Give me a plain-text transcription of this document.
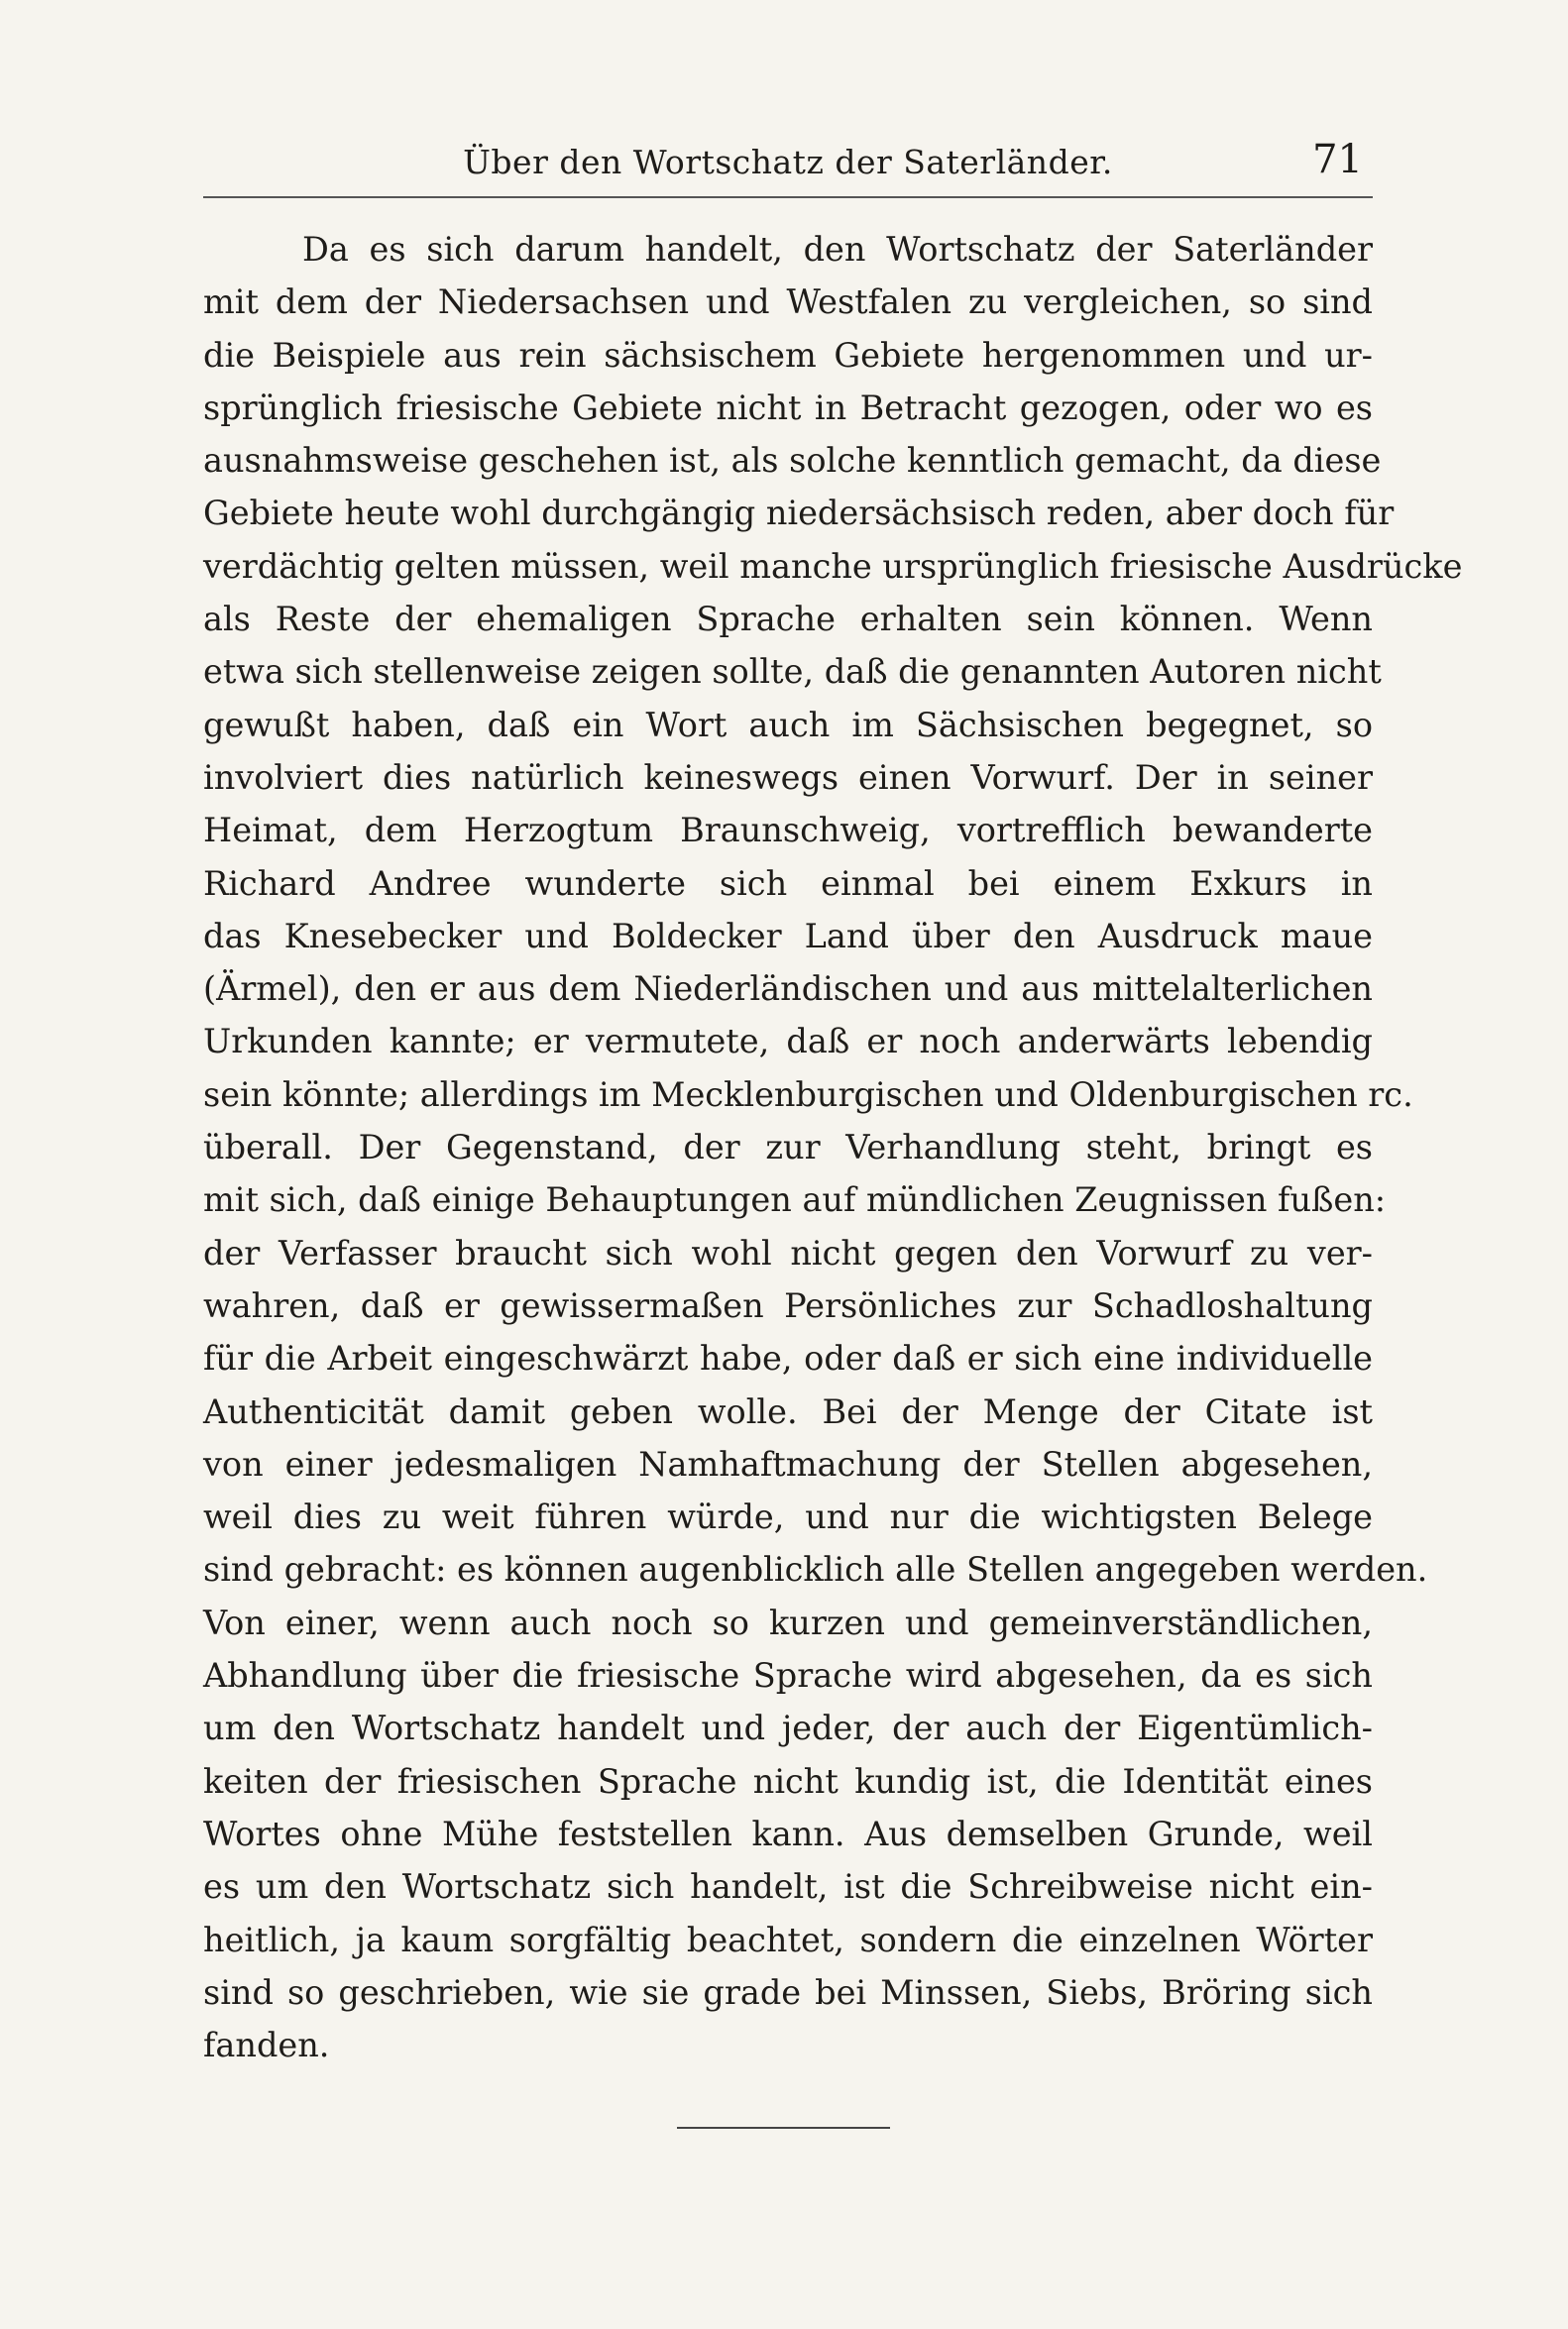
Über den Wortschatz der Saterländer.	71
Da es sich darum handelt, den Wortschatz der Saterländer
mit dem der Niedersachsen und Westfalen zu vergleichen, so sind
die Beispiele aus rein sächsischem Gebiete hergenommen und ur-
sprünglich friesische Gebiete nicht in Betracht gezogen, oder wo es
ausnahmsweise geschehen ist, als solche kenntlich gemacht, da diese
Gebiete heute wohl durchgängig niedersächsisch reden, aber doch für
verdächtig gelten müssen, weil manche ursprünglich friesische Ausdrücke
als Reste der ehemaligen Sprache erhalten sein können. Wenn
etwa sich stellenweise zeigen sollte, daß die genannten Autoren nicht
gewußt haben, daß ein Wort auch im Sächsischen begegnet, so
involviert dies natürlich keineswegs einen Vorwurf. Der in seiner
Heimat, dem Herzogtum Braunschweig, vortrefflich bewanderte
Richard Andree wunderte sich einmal bei einem Exkurs in
das Knesebecker und Boldecker Land über den Ausdruck maue
(Ärmel), den er aus dem Niederländischen und aus mittelalterlichen
Urkunden kannte; er vermutete, daß er noch anderwärts lebendig
sein könnte; allerdings im Mecklenburgischen und Oldenburgischen rc.
überall. Der Gegenstand, der zur Verhandlung steht, bringt es
mit sich, daß einige Behauptungen auf mündlichen Zeugnissen fußen:
der Verfasser braucht sich wohl nicht gegen den Vorwurf zu ver-
wahren, daß er gewissermaßen Persönliches zur Schadloshaltung
für die Arbeit eingeschwärzt habe, oder daß er sich eine individuelle
Authenticität damit geben wolle. Bei der Menge der Citate ist
von einer jedesmaligen Namhaftmachung der Stellen abgesehen,
weil dies zu weit führen würde, und nur die wichtigsten Belege
sind gebracht: es können augenblicklich alle Stellen angegeben werden.
Von einer, wenn auch noch so kurzen und gemeinverständlichen,
Abhandlung über die friesische Sprache wird abgesehen, da es sich
um den Wortschatz handelt und jeder, der auch der Eigentümlich-
keiten der friesischen Sprache nicht kundig ist, die Identität eines
Wortes ohne Mühe feststellen kann. Aus demselben Grunde, weil
es um den Wortschatz sich handelt, ist die Schreibweise nicht ein-
heitlich, ja kaum sorgfältig beachtet, sondern die einzelnen Wörter
sind so geschrieben, wie sie grade bei Minssen, Siebs, Bröring sich
fanden.
